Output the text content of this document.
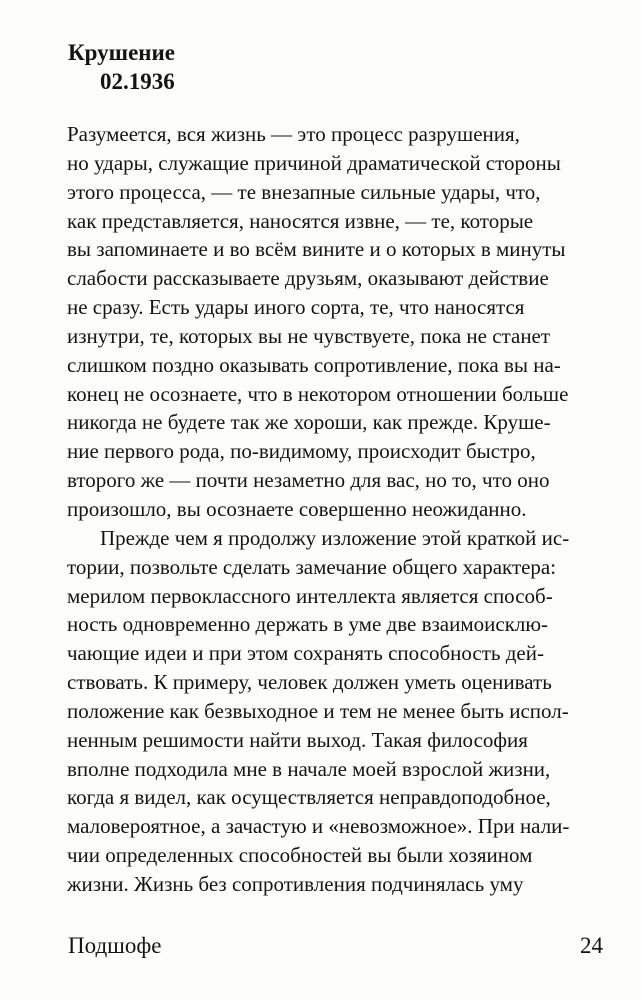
Крушение
02.1936
Разумеется, вся жизнь — это процесс разрушения,
но удары, служащие причиной драматической стороны
этого процесса, — те внезапные сильные удары, что,
как представляется, наносятся извне, — те, которые
вы запоминаете и во всём вините и о которых в минуты
слабости рассказываете друзьям, оказывают действие
не сразу. Есть удары иного сорта, те, что наносятся
изнутри, те, которых вы не чувствуете, пока не станет
слишком поздно оказывать сопротивление, пока вы на-
конец не осознаете, что в некотором отношении больше
никогда не будете так же хороши, как прежде. Круше-
ние первого рода, по-видимому, происходит быстро,
второго же — почти незаметно для вас, но то, что оно
произошло, вы осознаете совершенно неожиданно.
Прежде чем я продолжу изложение этой краткой ис-
тории, позвольте сделать замечание общего характера:
мерилом первоклассного интеллекта является способ-
ность одновременно держать в уме две взаимоисклю-
чающие идеи и при этом сохранять способность дей-
ствовать. К примеру, человек должен уметь оценивать
положение как безвыходное и тем не менее быть испол-
ненным решимости найти выход. Такая философия
вполне подходила мне в начале моей взрослой жизни,
когда я видел, как осуществляется неправдоподобное,
маловероятное, а зачастую и «невозможное». При нали-
чии определенных способностей вы были хозяином
жизни. Жизнь без сопротивления подчинялась уму
Подшофе	24
